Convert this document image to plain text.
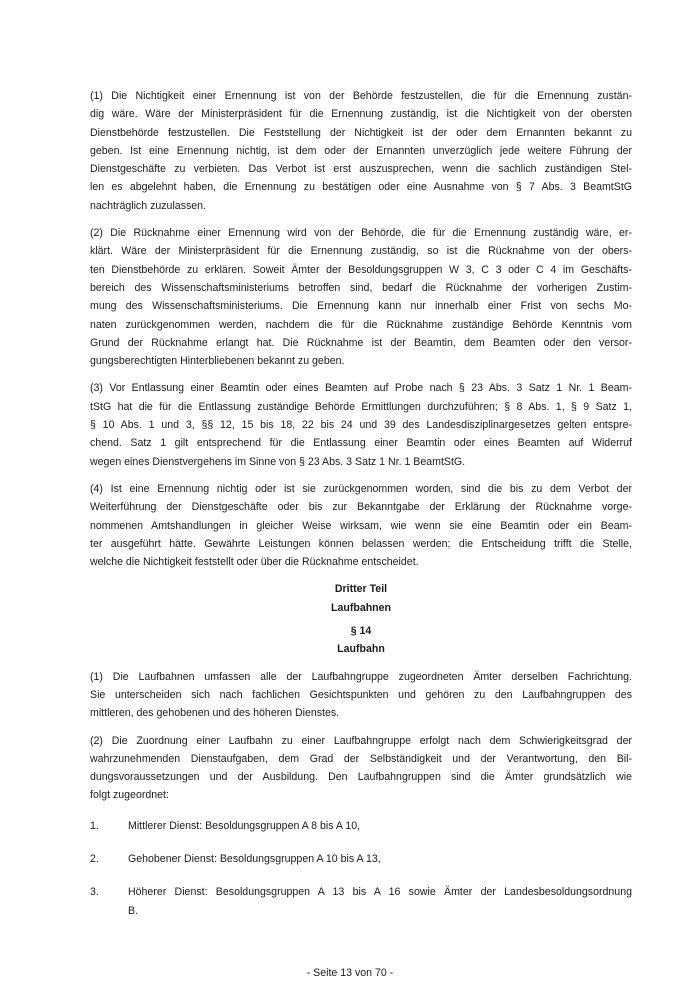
(1) Die Nichtigkeit einer Ernennung ist von der Behörde festzustellen, die für die Ernennung zustän-
dig wäre. Wäre der Ministerpräsident für die Ernennung zuständig, ist die Nichtigkeit von der obersten
Dienstbehörde festzustellen. Die Feststellung der Nichtigkeit ist der oder dem Ernannten bekannt zu
geben. Ist eine Ernennung nichtig, ist dem oder der Ernannten unverzüglich jede weitere Führung der
Dienstgeschäfte zu verbieten. Das Verbot ist erst auszusprechen, wenn die sachlich zuständigen Stel-
len es abgelehnt haben, die Ernennung zu bestätigen oder eine Ausnahme von § 7 Abs. 3 BeamtStG
nachträglich zuzulassen.
(2) Die Rücknahme einer Ernennung wird von der Behörde, die für die Ernennung zuständig wäre, er-
klärt. Wäre der Ministerpräsident für die Ernennung zuständig, so ist die Rücknahme von der obers-
ten Dienstbehörde zu erklären. Soweit Ämter der Besoldungsgruppen W 3, C 3 oder C 4 im Geschäfts-
bereich des Wissenschaftsministeriums betroffen sind, bedarf die Rücknahme der vorherigen Zustim-
mung des Wissenschaftsministeriums. Die Ernennung kann nur innerhalb einer Frist von sechs Mo-
naten zurückgenommen werden, nachdem die für die Rücknahme zuständige Behörde Kenntnis vom
Grund der Rücknahme erlangt hat. Die Rücknahme ist der Beamtin, dem Beamten oder den versor-
gungsberechtigten Hinterbliebenen bekannt zu geben.
(3) Vor Entlassung einer Beamtin oder eines Beamten auf Probe nach § 23 Abs. 3 Satz 1 Nr. 1 Beam-
tStG hat die für die Entlassung zuständige Behörde Ermittlungen durchzuführen; § 8 Abs. 1, § 9 Satz 1,
§ 10 Abs. 1 und 3, §§ 12, 15 bis 18, 22 bis 24 und 39 des Landesdisziplinargesetzes gelten entspre-
chend. Satz 1 gilt entsprechend für die Entlassung einer Beamtin oder eines Beamten auf Widerruf
wegen eines Dienstvergehens im Sinne von § 23 Abs. 3 Satz 1 Nr. 1 BeamtStG.
(4) Ist eine Ernennung nichtig oder ist sie zurückgenommen worden, sind die bis zu dem Verbot der
Weiterführung der Dienstgeschäfte oder bis zur Bekanntgabe der Erklärung der Rücknahme vorge-
nommenen Amtshandlungen in gleicher Weise wirksam, wie wenn sie eine Beamtin oder ein Beam-
ter ausgeführt hätte. Gewährte Leistungen können belassen werden; die Entscheidung trifft die Stelle,
welche die Nichtigkeit feststellt oder über die Rücknahme entscheidet.
Dritter Teil
Laufbahnen
§ 14
Laufbahn
(1) Die Laufbahnen umfassen alle der Laufbahngruppe zugeordneten Ämter derselben Fachrichtung.
Sie unterscheiden sich nach fachlichen Gesichtspunkten und gehören zu den Laufbahngruppen des
mittleren, des gehobenen und des höheren Dienstes.
(2) Die Zuordnung einer Laufbahn zu einer Laufbahngruppe erfolgt nach dem Schwierigkeitsgrad der
wahrzunehmenden Dienstaufgaben, dem Grad der Selbständigkeit und der Verantwortung, den Bil-
dungsvoraussetzungen und der Ausbildung. Den Laufbahngruppen sind die Ämter grundsätzlich wie
folgt zugeordnet:
1.	Mittlerer Dienst: Besoldungsgruppen A 8 bis A 10,
2.	Gehobener Dienst: Besoldungsgruppen A 10 bis A 13,
3.	Höherer Dienst: Besoldungsgruppen A 13 bis A 16 sowie Ämter der Landesbesoldungsordnung
B.
- Seite 13 von 70 -
